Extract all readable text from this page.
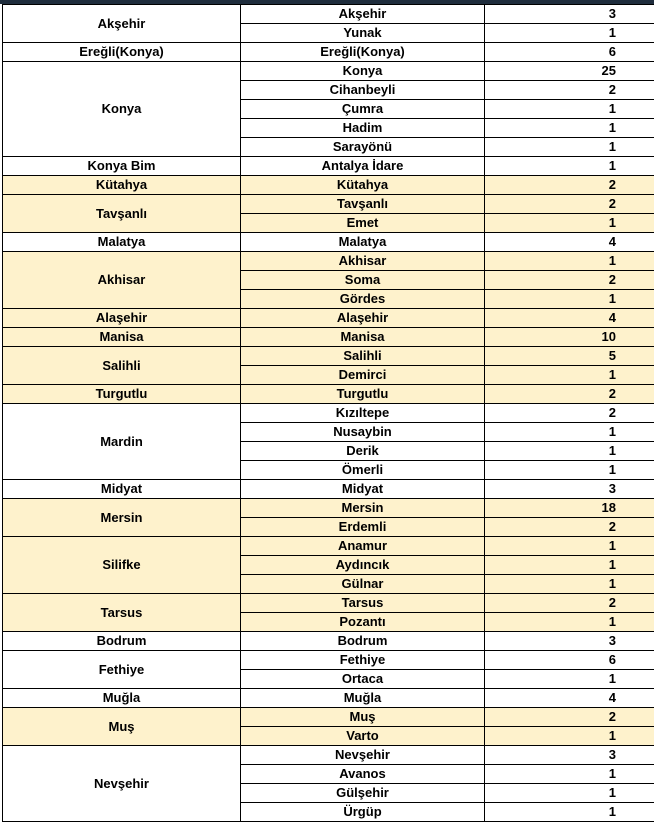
Akşehir	Akşehir	3
	Yunak	1
Ereğli(Konya)	Ereğli(Konya)	6
Konya	Konya	25
	Cihanbeyli	2
	Çumra	1
	Hadim	1
	Sarayönü	1
Konya Bim	Antalya İdare	1
Kütahya	Kütahya	2
Tavşanlı	Tavşanlı	2
	Emet	1
Malatya	Malatya	4
Akhisar	Akhisar	1
	Soma	2
	Gördes	1
Alaşehir	Alaşehir	4
Manisa	Manisa	10
Salihli	Salihli	5
	Demirci	1
Turgutlu	Turgutlu	2
Mardin	Kızıltepe	2
	Nusaybin	1
	Derik	1
	Ömerli	1
Midyat	Midyat	3
Mersin	Mersin	18
	Erdemli	2
Silifke	Anamur	1
	Aydıncık	1
	Gülnar	1
Tarsus	Tarsus	2
	Pozantı	1
Bodrum	Bodrum	3
Fethiye	Fethiye	6
	Ortaca	1
Muğla	Muğla	4
Muş	Muş	2
	Varto	1
Nevşehir	Nevşehir	3
	Avanos	1
	Gülşehir	1
	Ürgüp	1
